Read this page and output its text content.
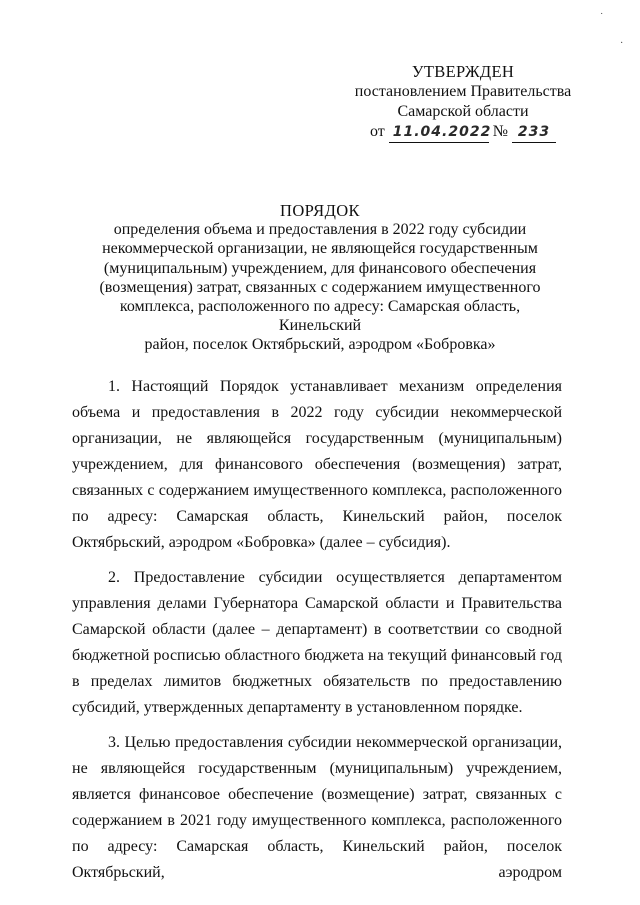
˙
·
УТВЕРЖДЕН
постановлением Правительства
Самарской области
от 11.04.2022 № 233
ПОРЯДОК
определения объема и предоставления в 2022 году субсидии
некоммерческой организации, не являющейся государственным
(муниципальным) учреждением, для финансового обеспечения
(возмещения) затрат, связанных с содержанием имущественного
комплекса, расположенного по адресу: Самарская область, Кинельский
район, поселок Октябрьский, аэродром «Бобровка»

1. Настоящий Порядок устанавливает механизм определения объема и предоставления в 2022 году субсидии некоммерческой организации, не являющейся государственным (муниципальным) учреждением, для финансового обеспечения (возмещения) затрат, связанных с содержанием имущественного комплекса, расположенного по адресу: Самарская область, Кинельский район, поселок Октябрьский, аэродром «Бобровка» (далее – субсидия).

2. Предоставление субсидии осуществляется департаментом управления делами Губернатора Самарской области и Правительства Самарской области (далее – департамент) в соответствии со сводной бюджетной росписью областного бюджета на текущий финансовый год в пределах лимитов бюджетных обязательств по предоставлению субсидий, утвержденных департаменту в установленном порядке.

3. Целью предоставления субсидии некоммерческой организации, не являющейся государственным (муниципальным) учреждением, является финансовое обеспечение (возмещение) затрат, связанных с содержанием в 2021 году имущественного комплекса, расположенного по адресу: Самарская область, Кинельский район, поселок Октябрьский, аэродром
